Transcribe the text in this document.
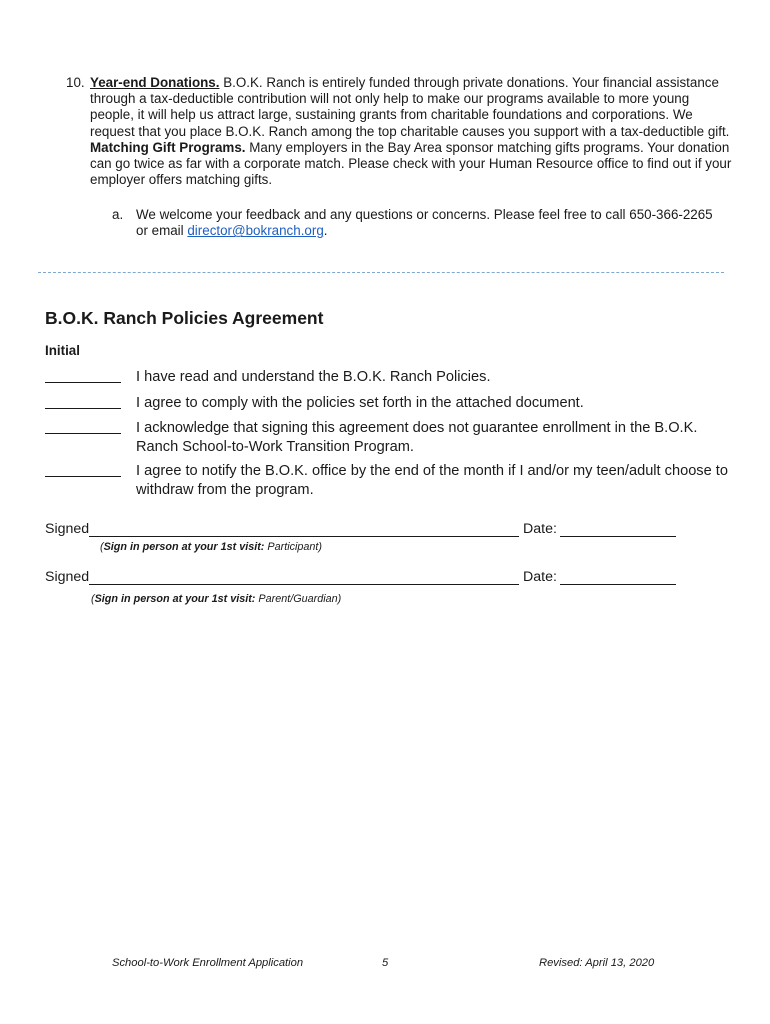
10. Year-end Donations. B.O.K. Ranch is entirely funded through private donations. Your financial assistance through a tax-deductible contribution will not only help to make our programs available to more young people, it will help us attract large, sustaining grants from charitable foundations and corporations. We request that you place B.O.K. Ranch among the top charitable causes you support with a tax-deductible gift. Matching Gift Programs. Many employers in the Bay Area sponsor matching gifts programs. Your donation can go twice as far with a corporate match. Please check with your Human Resource office to find out if your employer offers matching gifts.
a. We welcome your feedback and any questions or concerns. Please feel free to call 650-366-2265 or email director@bokranch.org.
B.O.K. Ranch Policies Agreement
Initial
I have read and understand the B.O.K. Ranch Policies.
I agree to comply with the policies set forth in the attached document.
I acknowledge that signing this agreement does not guarantee enrollment in the B.O.K. Ranch School-to-Work Transition Program.
I agree to notify the B.O.K. office by the end of the month if I and/or my teen/adult choose to withdraw from the program.
Signed	Date:
(Sign in person at your 1st visit: Participant)
Signed	Date:
(Sign in person at your 1st visit: Parent/Guardian)
School-to-Work Enrollment Application	5	Revised: April 13, 2020
